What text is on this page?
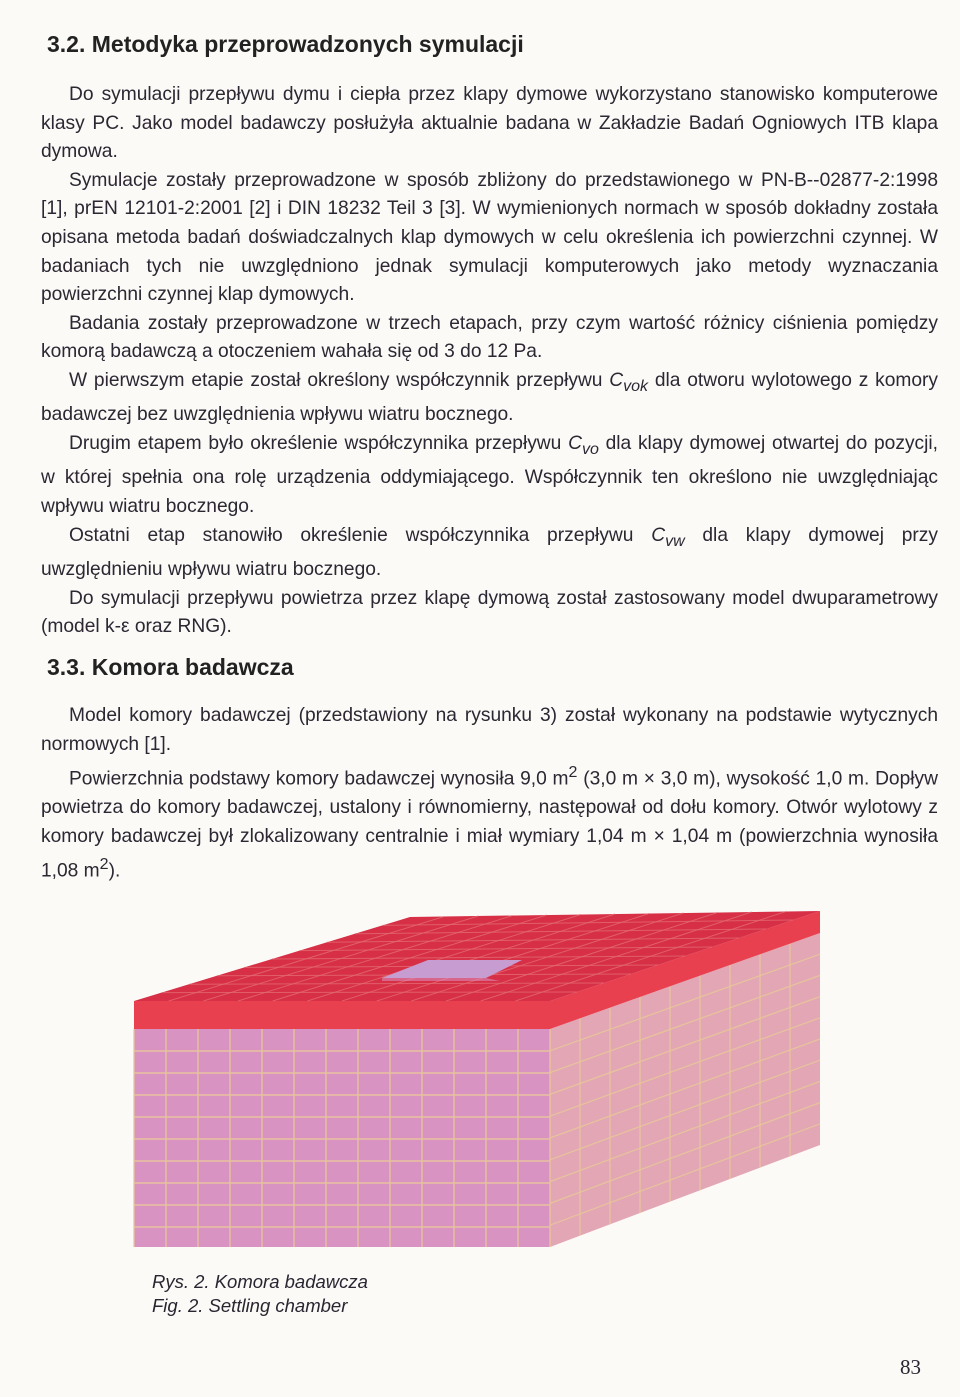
3.2. Metodyka przeprowadzonych symulacji

Do symulacji przepływu dymu i ciepła przez klapy dymowe wykorzystano stanowisko komputerowe klasy PC. Jako model badawczy posłużyła aktualnie badana w Zakładzie Badań Ogniowych ITB klapa dymowa.

Symulacje zostały przeprowadzone w sposób zbliżony do przedstawionego w PN-B--02877-2:1998 [1], prEN 12101-2:2001 [2] i DIN 18232 Teil 3 [3]. W wymienionych normach w sposób dokładny została opisana metoda badań doświadczalnych klap dymowych w celu określenia ich powierzchni czynnej. W badaniach tych nie uwzględniono jednak symulacji komputerowych jako metody wyznaczania powierzchni czynnej klap dymowych.

Badania zostały przeprowadzone w trzech etapach, przy czym wartość różnicy ciśnienia pomiędzy komorą badawczą a otoczeniem wahała się od 3 do 12 Pa.

W pierwszym etapie został określony współczynnik przepływu $C_{vok}$ dla otworu wylotowego z komory badawczej bez uwzględnienia wpływu wiatru bocznego.

Drugim etapem było określenie współczynnika przepływu $C_{vo}$ dla klapy dymowej otwartej do pozycji, w której spełnia ona rolę urządzenia oddymiającego. Współczynnik ten określono nie uwzględniając wpływu wiatru bocznego.

Ostatni etap stanowiło określenie współczynnika przepływu $C_{vw}$ dla klapy dymowej przy uwzględnieniu wpływu wiatru bocznego.

Do symulacji przepływu powietrza przez klapę dymową został zastosowany model dwuparametrowy (model k-ε oraz RNG).

3.3. Komora badawcza

Model komory badawczej (przedstawiony na rysunku 3) został wykonany na podstawie wytycznych normowych [1].

Powierzchnia podstawy komory badawczej wynosiła 9,0 $m^2$ (3,0 m × 3,0 m), wysokość 1,0 m. Dopływ powietrza do komory badawczej, ustalony i równomierny, następował od dołu komory. Otwór wylotowy z komory badawczej był zlokalizowany centralnie i miał wymiary 1,04 m × 1,04 m (powierzchnia wynosiła 1,08 $m^2$).

Rys. 2. Komora badawcza
Fig. 2. Settling chamber
83
